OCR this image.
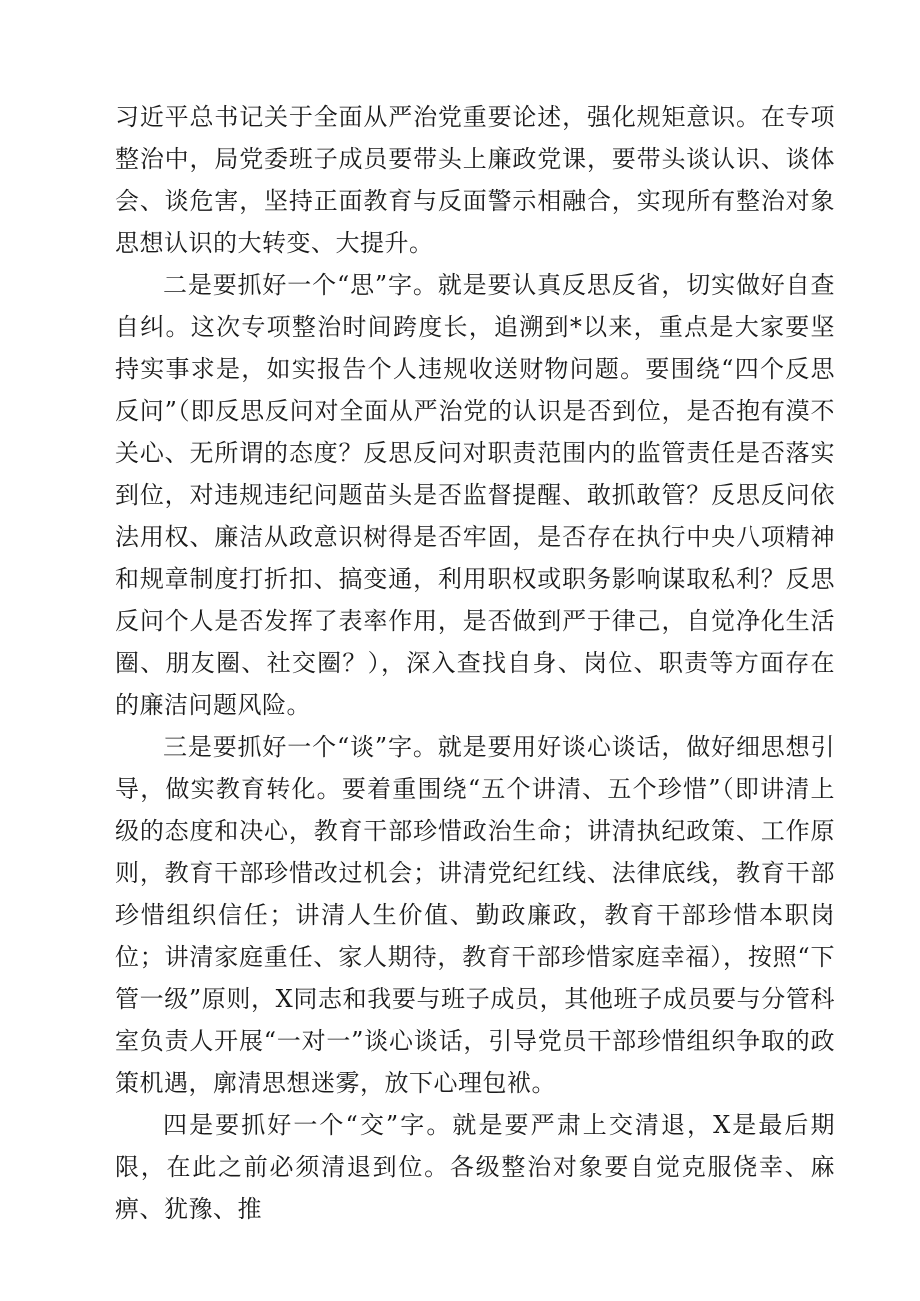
习近平总书记关于全面从严治党重要论述，强化规矩意识。在专项整治中，局党委班子成员要带头上廉政党课，要带头谈认识、谈体会、谈危害，坚持正面教育与反面警示相融合，实现所有整治对象思想认识的大转变、大提升。

二是要抓好一个“思”字。就是要认真反思反省，切实做好自查自纠。这次专项整治时间跨度长，追溯到*以来，重点是大家要坚持实事求是，如实报告个人违规收送财物问题。要围绕“四个反思反问”（即反思反问对全面从严治党的认识是否到位，是否抱有漠不关心、无所谓的态度？反思反问对职责范围内的监管责任是否落实到位，对违规违纪问题苗头是否监督提醒、敢抓敢管？反思反问依法用权、廉洁从政意识树得是否牢固，是否存在执行中央八项精神和规章制度打折扣、搞变通，利用职权或职务影响谋取私利？反思反问个人是否发挥了表率作用，是否做到严于律己，自觉净化生活圈、朋友圈、社交圈？），深入查找自身、岗位、职责等方面存在的廉洁问题风险。

三是要抓好一个“谈”字。就是要用好谈心谈话，做好细思想引导，做实教育转化。要着重围绕“五个讲清、五个珍惜”（即讲清上级的态度和决心，教育干部珍惜政治生命；讲清执纪政策、工作原则，教育干部珍惜改过机会；讲清党纪红线、法律底线，教育干部珍惜组织信任；讲清人生价值、勤政廉政，教育干部珍惜本职岗位；讲清家庭重任、家人期待，教育干部珍惜家庭幸福），按照“下管一级”原则，X同志和我要与班子成员，其他班子成员要与分管科室负责人开展“一对一”谈心谈话，引导党员干部珍惜组织争取的政策机遇，廓清思想迷雾，放下心理包袱。

四是要抓好一个“交”字。就是要严肃上交清退，X是最后期限，在此之前必须清退到位。各级整治对象要自觉克服侥幸、麻痹、犹豫、推
